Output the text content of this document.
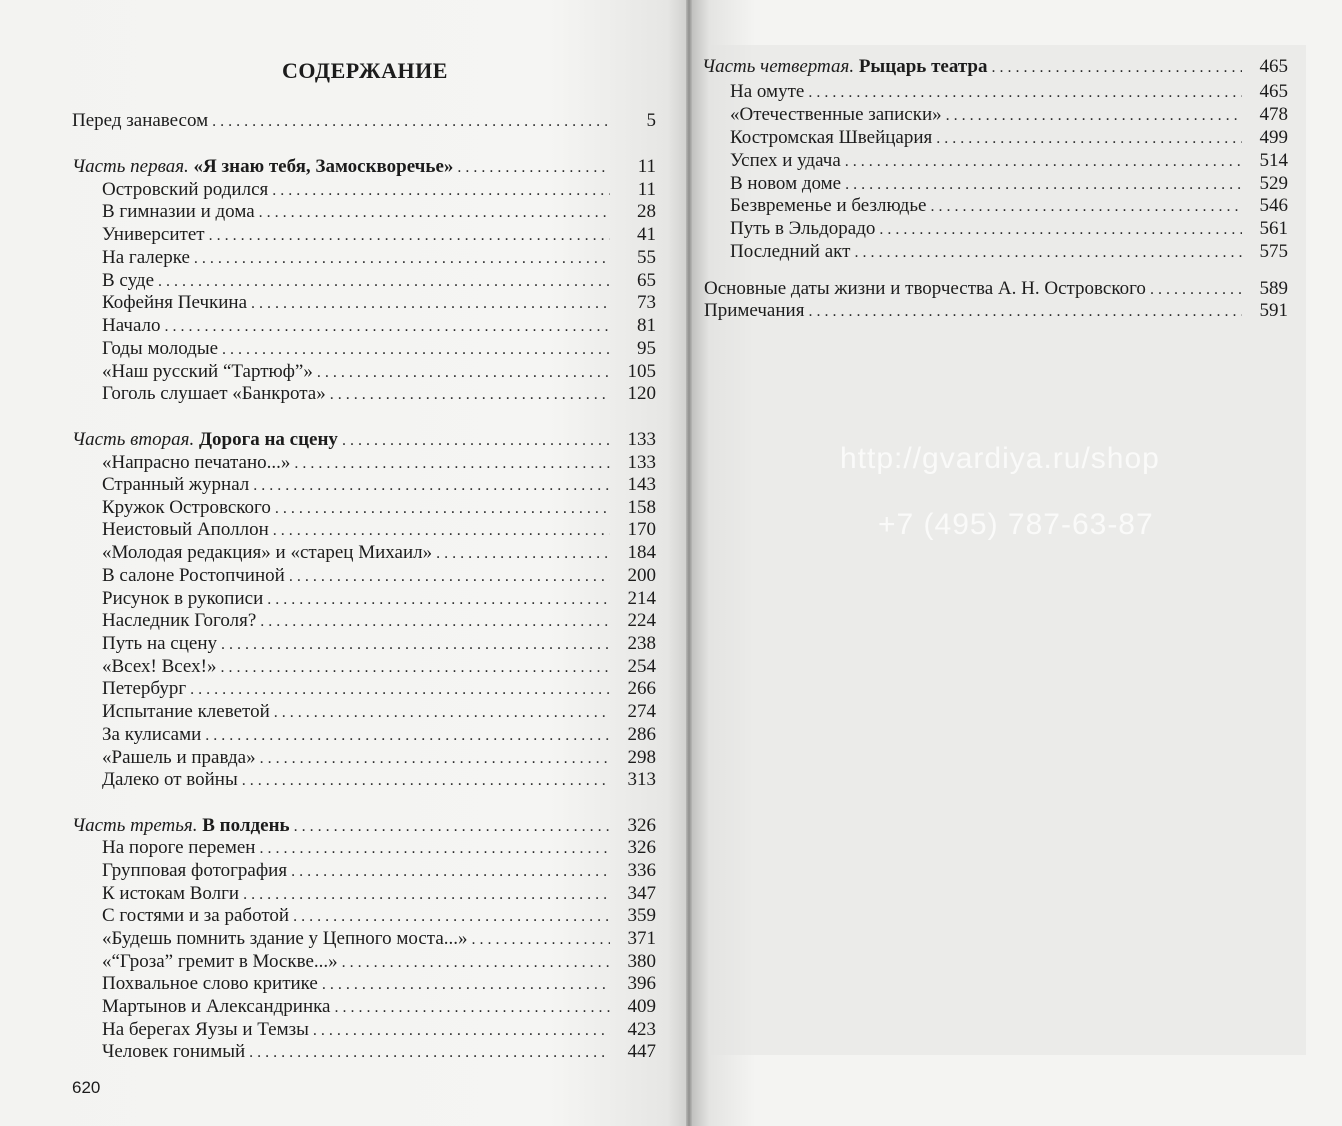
СОДЕРЖАНИЕ
620
Перед занавесом . . .	5
Часть первая. «Я знаю тебя, Замоскворечье» . . .	11
Островский родился . . .	11
В гимназии и дома . . .	28
Университет . . .	41
На галерке . . .	55
В суде . . .	65
Кофейня Печкина . . .	73
Начало . . .	81
Годы молодые . . .	95
«Наш русский “Тартюф”» . . .	105
Гоголь слушает «Банкрота» . . .	120
Часть вторая. Дорога на сцену . . .	133
«Напрасно печатано...» . . .	133
Странный журнал . . .	143
Кружок Островского . . .	158
Неистовый Аполлон . . .	170
«Молодая редакция» и «старец Михаил» . . .	184
В салоне Ростопчиной . . .	200
Рисунок в рукописи . . .	214
Наследник Гоголя? . . .	224
Путь на сцену . . .	238
«Всех! Всех!» . . .	254
Петербург . . .	266
Испытание клеветой . . .	274
За кулисами . . .	286
«Рашель и правда» . . .	298
Далеко от войны . . .	313
Часть третья. В полдень . . .	326
На пороге перемен . . .	326
Групповая фотография . . .	336
К истокам Волги . . .	347
С гостями и за работой . . .	359
«Будешь помнить здание у Цепного моста...» . . .	371
«“Гроза” гремит в Москве...» . . .	380
Похвальное слово критике . . .	396
Мартынов и Александринка . . .	409
На берегах Яузы и Темзы . . .	423
Человек гонимый . . .	447
http://gvardiya.ru/shop
+7 (495) 787-63-87
Часть четвертая. Рыцарь театра . . .	465
На омуте . . .	465
«Отечественные записки» . . .	478
Костромская Швейцария . . .	499
Успех и удача . . .	514
В новом доме . . .	529
Безвременье и безлюдье . . .	546
Путь в Эльдорадо . . .	561
Последний акт . . .	575
Основные даты жизни и творчества А. Н. Островского . . .	589
Примечания . . .	591
